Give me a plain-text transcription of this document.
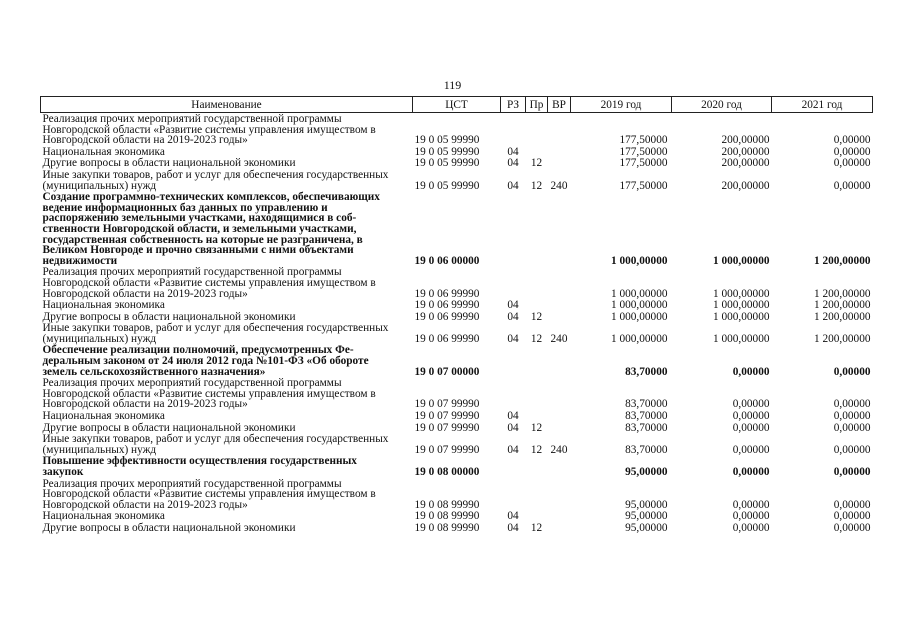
119
Наименование	ЦСТ	РЗ	Пр	ВР	2019 год	2020 год	2021 год
Реализация прочих мероприятий государственной программы Новгородской области «Развитие системы управления имуществом в Новгородской области на 2019-2023 годы»	19 0 05 99990				177,50000	200,00000	0,00000
Национальная экономика	19 0 05 99990	04			177,50000	200,00000	0,00000
Другие вопросы в области национальной экономики	19 0 05 99990	04	12		177,50000	200,00000	0,00000
Иные закупки товаров, работ и услуг для обеспечения государственных (муниципальных) нужд	19 0 05 99990	04	12	240	177,50000	200,00000	0,00000
Создание программно-технических комплексов, обеспечивающих ведение информационных баз данных по управлению и распоряжению земельными участками, находящимися в собственности Новгородской области, и земельными участками, государственная собственность на которые не разграничена, в Великом Новгороде и прочно связанными с ними объектами недвижимости	19 0 06 00000				1 000,00000	1 000,00000	1 200,00000
Реализация прочих мероприятий государственной программы Новгородской области «Развитие системы управления имуществом в Новгородской области на 2019-2023 годы»	19 0 06 99990				1 000,00000	1 000,00000	1 200,00000
Национальная экономика	19 0 06 99990	04			1 000,00000	1 000,00000	1 200,00000
Другие вопросы в области национальной экономики	19 0 06 99990	04	12		1 000,00000	1 000,00000	1 200,00000
Иные закупки товаров, работ и услуг для обеспечения государственных (муниципальных) нужд	19 0 06 99990	04	12	240	1 000,00000	1 000,00000	1 200,00000
Обеспечение реализации полномочий, предусмотренных Федеральным законом от 24 июля 2012 года №101-ФЗ «Об обороте земель сельскохозяйственного назначения»	19 0 07 00000				83,70000	0,00000	0,00000
Реализация прочих мероприятий государственной программы Новгородской области «Развитие системы управления имуществом в Новгородской области на 2019-2023 годы»	19 0 07 99990				83,70000	0,00000	0,00000
Национальная экономика	19 0 07 99990	04			83,70000	0,00000	0,00000
Другие вопросы в области национальной экономики	19 0 07 99990	04	12		83,70000	0,00000	0,00000
Иные закупки товаров, работ и услуг для обеспечения государственных (муниципальных) нужд	19 0 07 99990	04	12	240	83,70000	0,00000	0,00000
Повышение эффективности осуществления государственных закупок	19 0 08 00000				95,00000	0,00000	0,00000
Реализация прочих мероприятий государственной программы Новгородской области «Развитие системы управления имуществом в Новгородской области на 2019-2023 годы»	19 0 08 99990				95,00000	0,00000	0,00000
Национальная экономика	19 0 08 99990	04			95,00000	0,00000	0,00000
Другие вопросы в области национальной экономики	19 0 08 99990	04	12		95,00000	0,00000	0,00000
